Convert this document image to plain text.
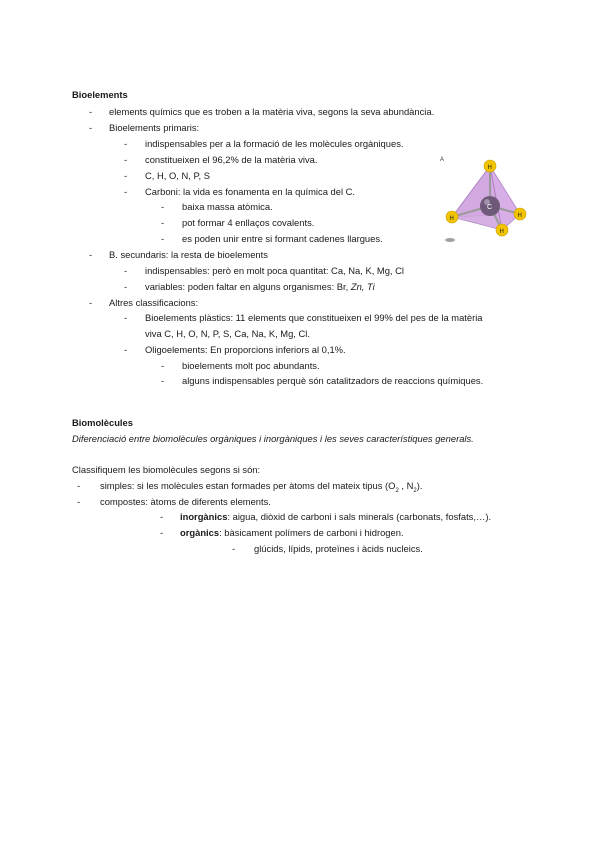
Bioelements
- elements químics que es troben a la matèria viva, segons la seva abundància.
- Bioelements primaris:
- indispensables per a la formació de les molècules orgàniques.
- constitueixen el 96,2% de la matèria viva.
- C, H, O, N, P, S
- Carboni: la vida es fonamenta en la química del C.
- baixa massa atòmica.
- pot formar 4 enllaços covalents.
- es poden unir entre si formant cadenes llargues.
- B. secundaris: la resta de bioelements
- indispensables: però en molt poca quantitat: Ca, Na, K, Mg, Cl
- variables: poden faltar en alguns organismes: Br, Zn, Ti
- Altres classificacions:
- Bioelements plàstics: 11 elements que constitueixen el 99% del pes de la matèria
viva C, H, O, N, P, S, Ca, Na, K, Mg, Cl.
- Oligoelements: En proporcions inferiors al 0,1%.
- bioelements molt poc abundants.
- alguns indispensables perquè són catalitzadors de reaccions químiques.
A
C
H
H	H
H
Biomolècules
Diferenciació entre biomolècules orgàniques i inorgàniques i les seves característiques generals.
Classifiquem les biomolècules segons si són:
- simples: si les molècules estan formades per àtoms del mateix tipus ($O_2$ , $N_2$).
- compostes: àtoms de diferents elements.
- inorgànics: aigua, diòxid de carboni i sals minerals (carbonats, fosfats,…).
- orgànics: bàsicament polímers de carboni i hidrogen.
- glúcids, lípids, proteïnes i àcids nucleics.
